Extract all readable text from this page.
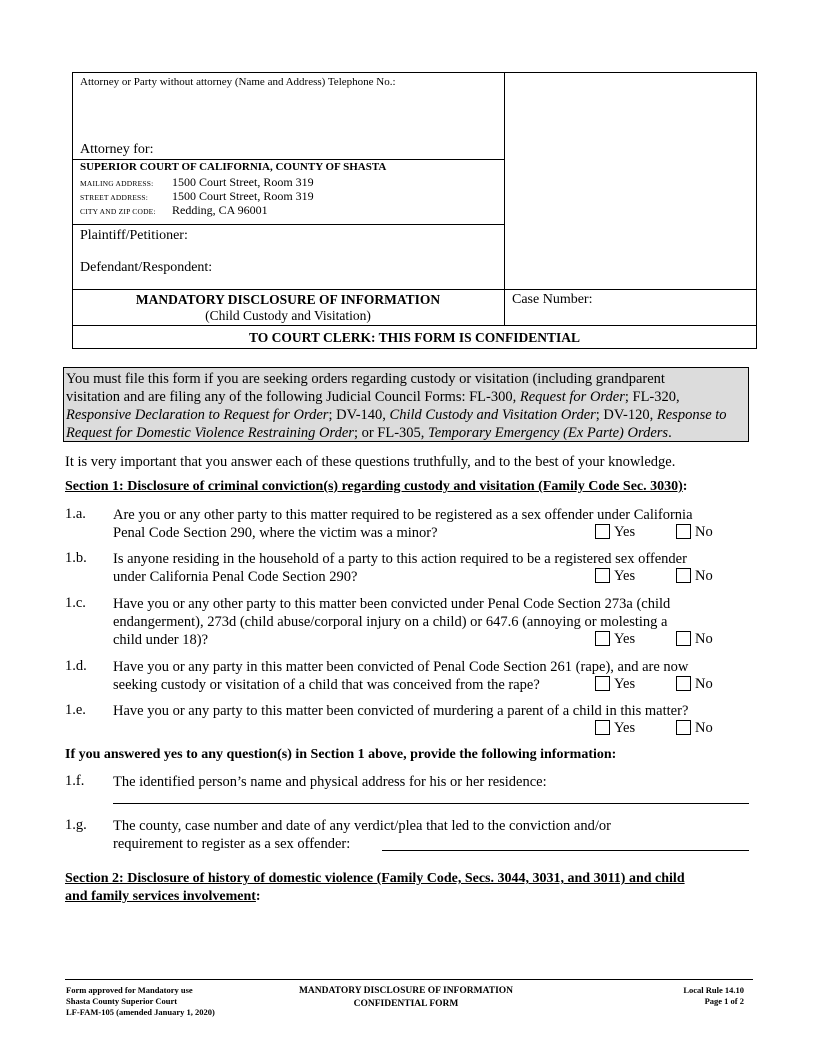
Attorney or Party without attorney (Name and Address) Telephone No.:
Attorney for:
SUPERIOR COURT OF CALIFORNIA, COUNTY OF SHASTA
MAILING ADDRESS: 1500 Court Street, Room 319
STREET ADDRESS: 1500 Court Street, Room 319
CITY AND ZIP CODE: Redding, CA 96001
Plaintiff/Petitioner:
Defendant/Respondent:
MANDATORY DISCLOSURE OF INFORMATION
(Child Custody and Visitation)
Case Number:
TO COURT CLERK: THIS FORM IS CONFIDENTIAL
You must file this form if you are seeking orders regarding custody or visitation (including grandparent
visitation and are filing any of the following Judicial Council Forms: FL-300, Request for Order; FL-320,
Responsive Declaration to Request for Order; DV-140, Child Custody and Visitation Order; DV-120, Response to
Request for Domestic Violence Restraining Order; or FL-305, Temporary Emergency (Ex Parte) Orders.
It is very important that you answer each of these questions truthfully, and to the best of your knowledge.
Section 1: Disclosure of criminal conviction(s) regarding custody and visitation (Family Code Sec. 3030):
1.a. Are you or any other party to this matter required to be registered as a sex offender under California
Penal Code Section 290, where the victim was a minor?	Yes	No
1.b. Is anyone residing in the household of a party to this action required to be a registered sex offender
under California Penal Code Section 290?	Yes	No
1.c. Have you or any other party to this matter been convicted under Penal Code Section 273a (child
endangerment), 273d (child abuse/corporal injury on a child) or 647.6 (annoying or molesting a
child under 18)?	Yes	No
1.d. Have you or any party in this matter been convicted of Penal Code Section 261 (rape), and are now
seeking custody or visitation of a child that was conceived from the rape?	Yes	No
1.e. Have you or any party to this matter been convicted of murdering a parent of a child in this matter?
Yes	No
If you answered yes to any question(s) in Section 1 above, provide the following information:
1.f. The identified person’s name and physical address for his or her residence:
1.g. The county, case number and date of any verdict/plea that led to the conviction and/or
requirement to register as a sex offender:
Section 2: Disclosure of history of domestic violence (Family Code, Secs. 3044, 3031, and 3011) and child
and family services involvement:
Form approved for Mandatory use
Shasta County Superior Court
LF-FAM-105 (amended January 1, 2020)
MANDATORY DISCLOSURE OF INFORMATION
CONFIDENTIAL FORM
Local Rule 14.10
Page 1 of 2
